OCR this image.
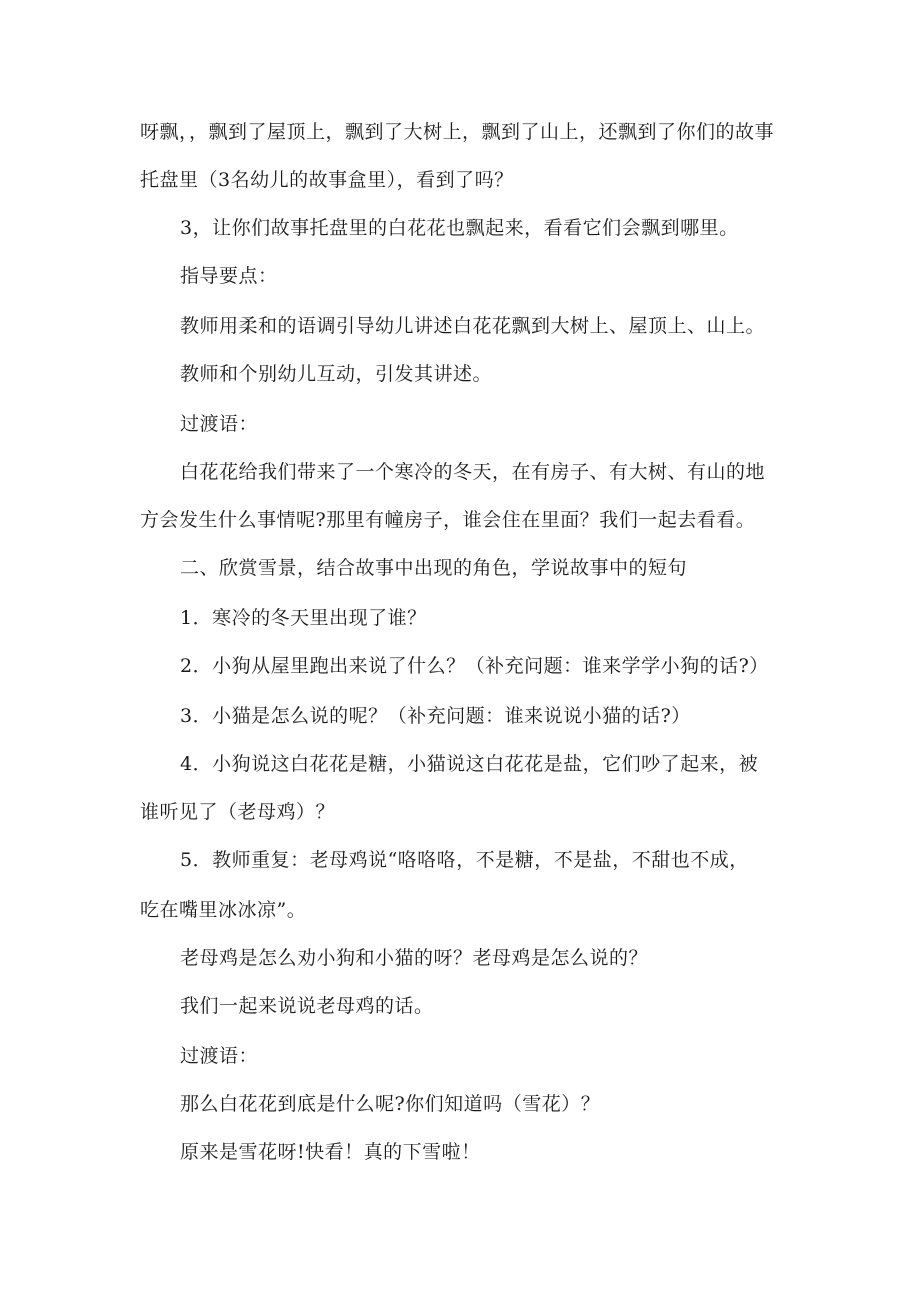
呀飘，，飘到了屋顶上，飘到了大树上，飘到了山上，还飘到了你们的故事
托盘里（3名幼儿的故事盒里），看到了吗？
3，让你们故事托盘里的白花花也飘起来，看看它们会飘到哪里。
指导要点：
教师用柔和的语调引导幼儿讲述白花花飘到大树上、屋顶上、山上。
教师和个别幼儿互动，引发其讲述。
过渡语：
白花花给我们带来了一个寒冷的冬天，在有房子、有大树、有山的地
方会发生什么事情呢?那里有幢房子，谁会住在里面？我们一起去看看。
二、欣赏雪景，结合故事中出现的角色，学说故事中的短句
1．寒冷的冬天里出现了谁？
2．小狗从屋里跑出来说了什么？（补充问题：谁来学学小狗的话?）
3．小猫是怎么说的呢？（补充问题：谁来说说小猫的话?）
4．小狗说这白花花是糖，小猫说这白花花是盐，它们吵了起来，被
谁听见了（老母鸡）？
5．教师重复：老母鸡说“咯咯咯，不是糖，不是盐，不甜也不成，
吃在嘴里冰冰凉”。
老母鸡是怎么劝小狗和小猫的呀？老母鸡是怎么说的？
我们一起来说说老母鸡的话。
过渡语：
那么白花花到底是什么呢?你们知道吗（雪花）？
原来是雪花呀!快看！真的下雪啦！
